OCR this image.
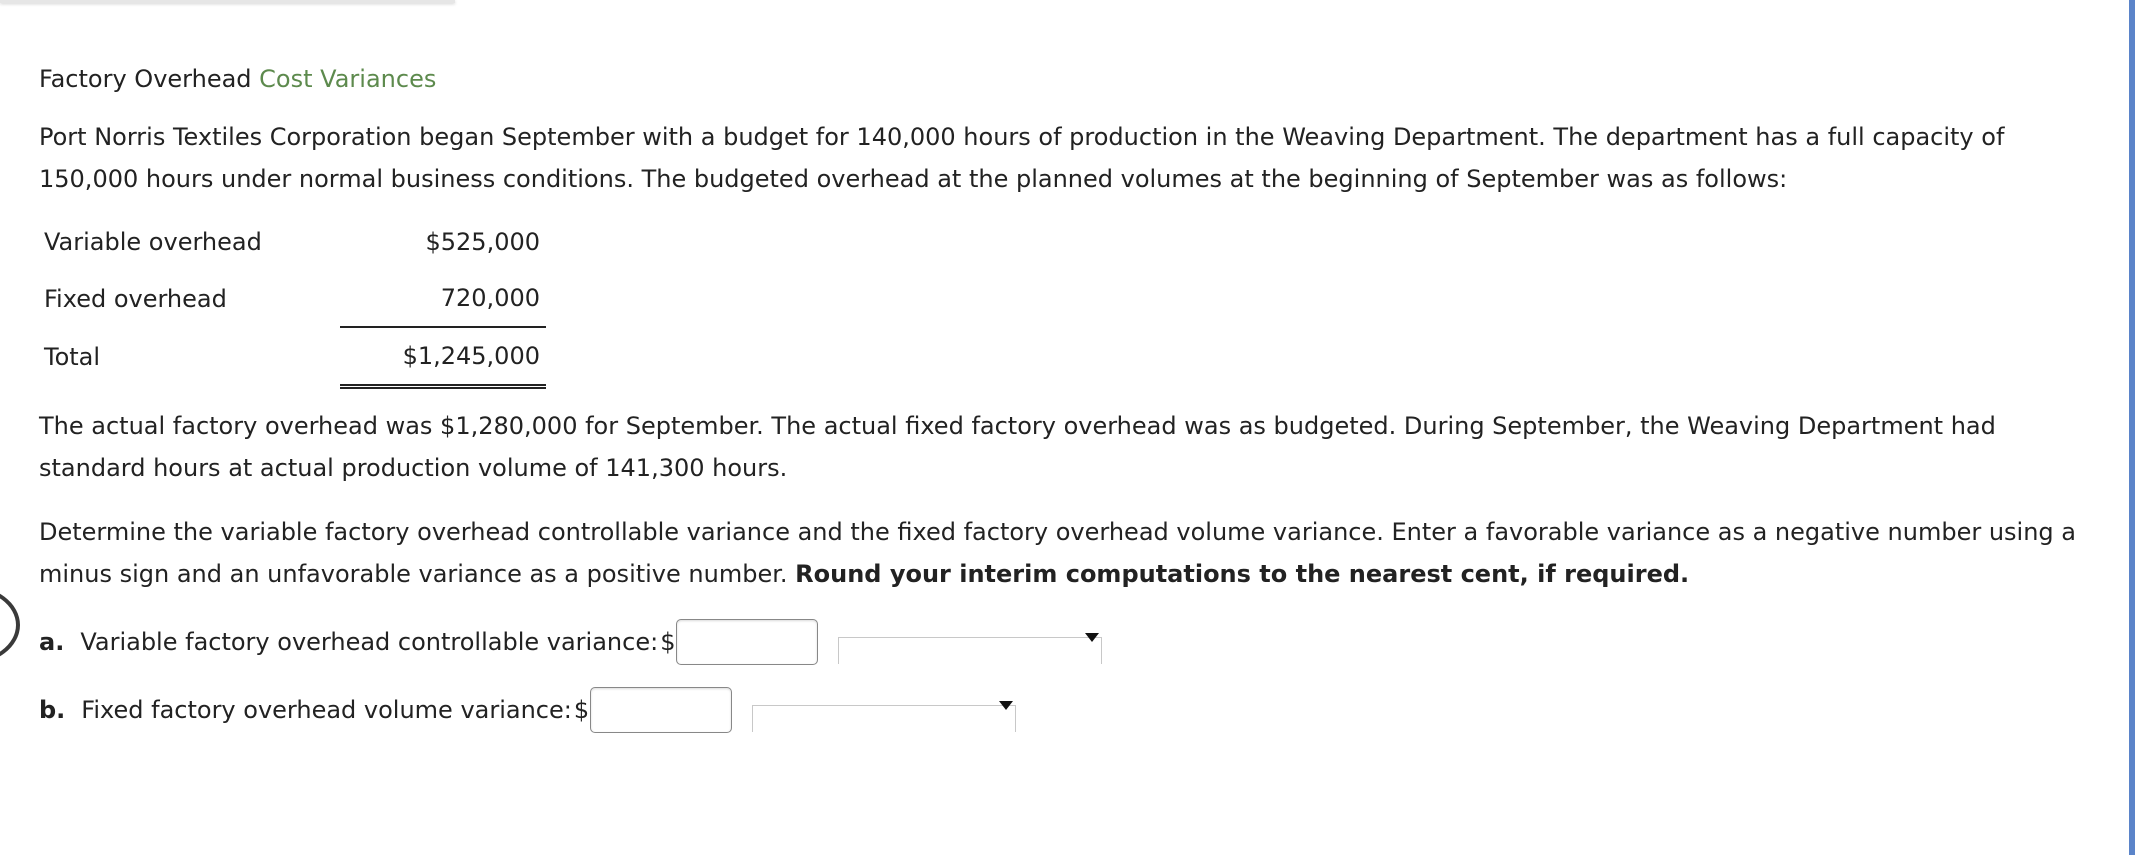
Factory Overhead Cost Variances

Port Norris Textiles Corporation began September with a budget for 140,000 hours of production in the Weaving Department. The department has a full capacity of 150,000 hours under normal business conditions. The budgeted overhead at the planned volumes at the beginning of September was as follows:

Variable overhead	$525,000
Fixed overhead	720,000
Total	$1,245,000

The actual factory overhead was $1,280,000 for September. The actual fixed factory overhead was as budgeted. During September, the Weaving Department had standard hours at actual production volume of 141,300 hours.

Determine the variable factory overhead controllable variance and the fixed factory overhead volume variance. Enter a favorable variance as a negative number using a minus sign and an unfavorable variance as a positive number. Round your interim computations to the nearest cent, if required.

a. Variable factory overhead controllable variance: $
b. Fixed factory overhead volume variance: $
